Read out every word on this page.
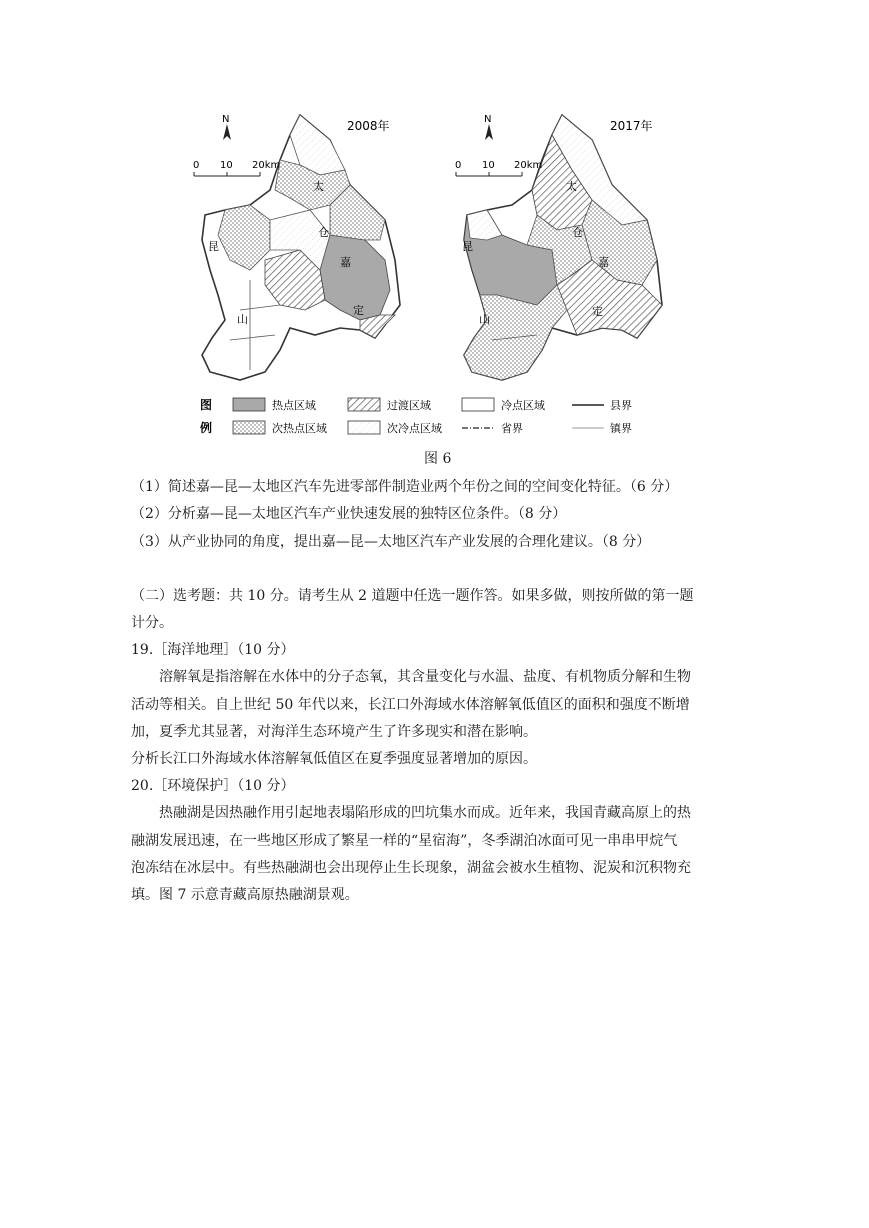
太
仓
嘉
昆
山
定
2008年
N
0 10 20km
太
仓
嘉
昆
山
定
2017年
N
0 10 20km
图
例
热点区域	过渡区域	冷点区域	县界
次热点区域	次冷点区域	省界	镇界
图 6
（1）简述嘉—昆—太地区汽车先进零部件制造业两个年份之间的空间变化特征。（6 分）
（2）分析嘉—昆—太地区汽车产业快速发展的独特区位条件。（8 分）
（3）从产业协同的角度，提出嘉—昆—太地区汽车产业发展的合理化建议。（8 分）
（二）选考题：共 10 分。请考生从 2 道题中任选一题作答。如果多做，则按所做的第一题
计分。
19.［海洋地理］（10 分）
溶解氧是指溶解在水体中的分子态氧，其含量变化与水温、盐度、有机物质分解和生物
活动等相关。自上世纪 50 年代以来，长江口外海域水体溶解氧低值区的面积和强度不断增
加，夏季尤其显著，对海洋生态环境产生了许多现实和潜在影响。
分析长江口外海域水体溶解氧低值区在夏季强度显著增加的原因。
20.［环境保护］（10 分）
热融湖是因热融作用引起地表塌陷形成的凹坑集水而成。近年来，我国青藏高原上的热
融湖发展迅速，在一些地区形成了繁星一样的“星宿海”，冬季湖泊冰面可见一串串甲烷气
泡冻结在冰层中。有些热融湖也会出现停止生长现象，湖盆会被水生植物、泥炭和沉积物充
填。图 7 示意青藏高原热融湖景观。
